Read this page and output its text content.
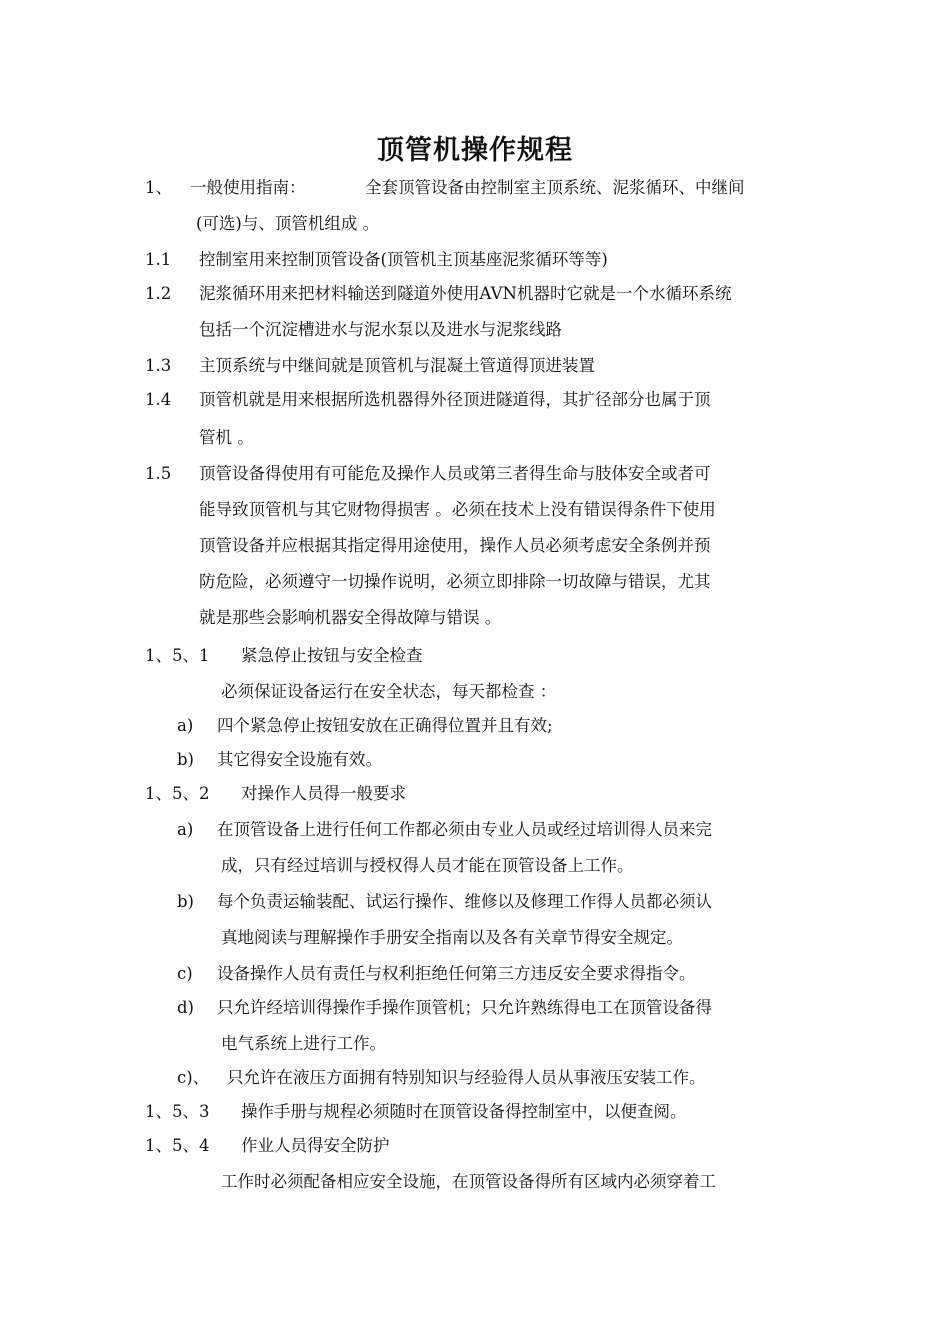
顶管机操作规程
1、 一般使用指南：	全套顶管设备由控制室主顶系统、泥浆循环、中继间
(可选)与、顶管机组成 。
1.1 控制室用来控制顶管设备(顶管机主顶基座泥浆循环等等)
1.2 泥浆循环用来把材料输送到隧道外使用AVN机器时它就是一个水循环系统
包括一个沉淀槽进水与泥水泵以及进水与泥浆线路
1.3 主顶系统与中继间就是顶管机与混凝土管道得顶进装置
1.4 顶管机就是用来根据所选机器得外径顶进隧道得，其扩径部分也属于顶
管机 。
1.5 顶管设备得使用有可能危及操作人员或第三者得生命与肢体安全或者可
能导致顶管机与其它财物得损害 。必须在技术上没有错误得条件下使用
顶管设备并应根据其指定得用途使用，操作人员必须考虑安全条例并预
防危险，必须遵守一切操作说明，必须立即排除一切故障与错误，尤其
就是那些会影响机器安全得故障与错误 。
1、5、1 紧急停止按钮与安全检查
必须保证设备运行在安全状态，每天都检查 ：
a) 四个紧急停止按钮安放在正确得位置并且有效;
b) 其它得安全设施有效。
1、5、2 对操作人员得一般要求
a) 在顶管设备上进行任何工作都必须由专业人员或经过培训得人员来完
成，只有经过培训与授权得人员才能在顶管设备上工作。
b) 每个负责运输装配、试运行操作、维修以及修理工作得人员都必须认
真地阅读与理解操作手册安全指南以及各有关章节得安全规定。
c) 设备操作人员有责任与权利拒绝任何第三方违反安全要求得指令。
d) 只允许经培训得操作手操作顶管机；只允许熟练得电工在顶管设备得
电气系统上进行工作。
c)、 只允许在液压方面拥有特别知识与经验得人员从事液压安装工作。
1、5、3 操作手册与规程必须随时在顶管设备得控制室中，以便查阅。
1、5、4 作业人员得安全防护
工作时必须配备相应安全设施，在顶管设备得所有区域内必须穿着工
